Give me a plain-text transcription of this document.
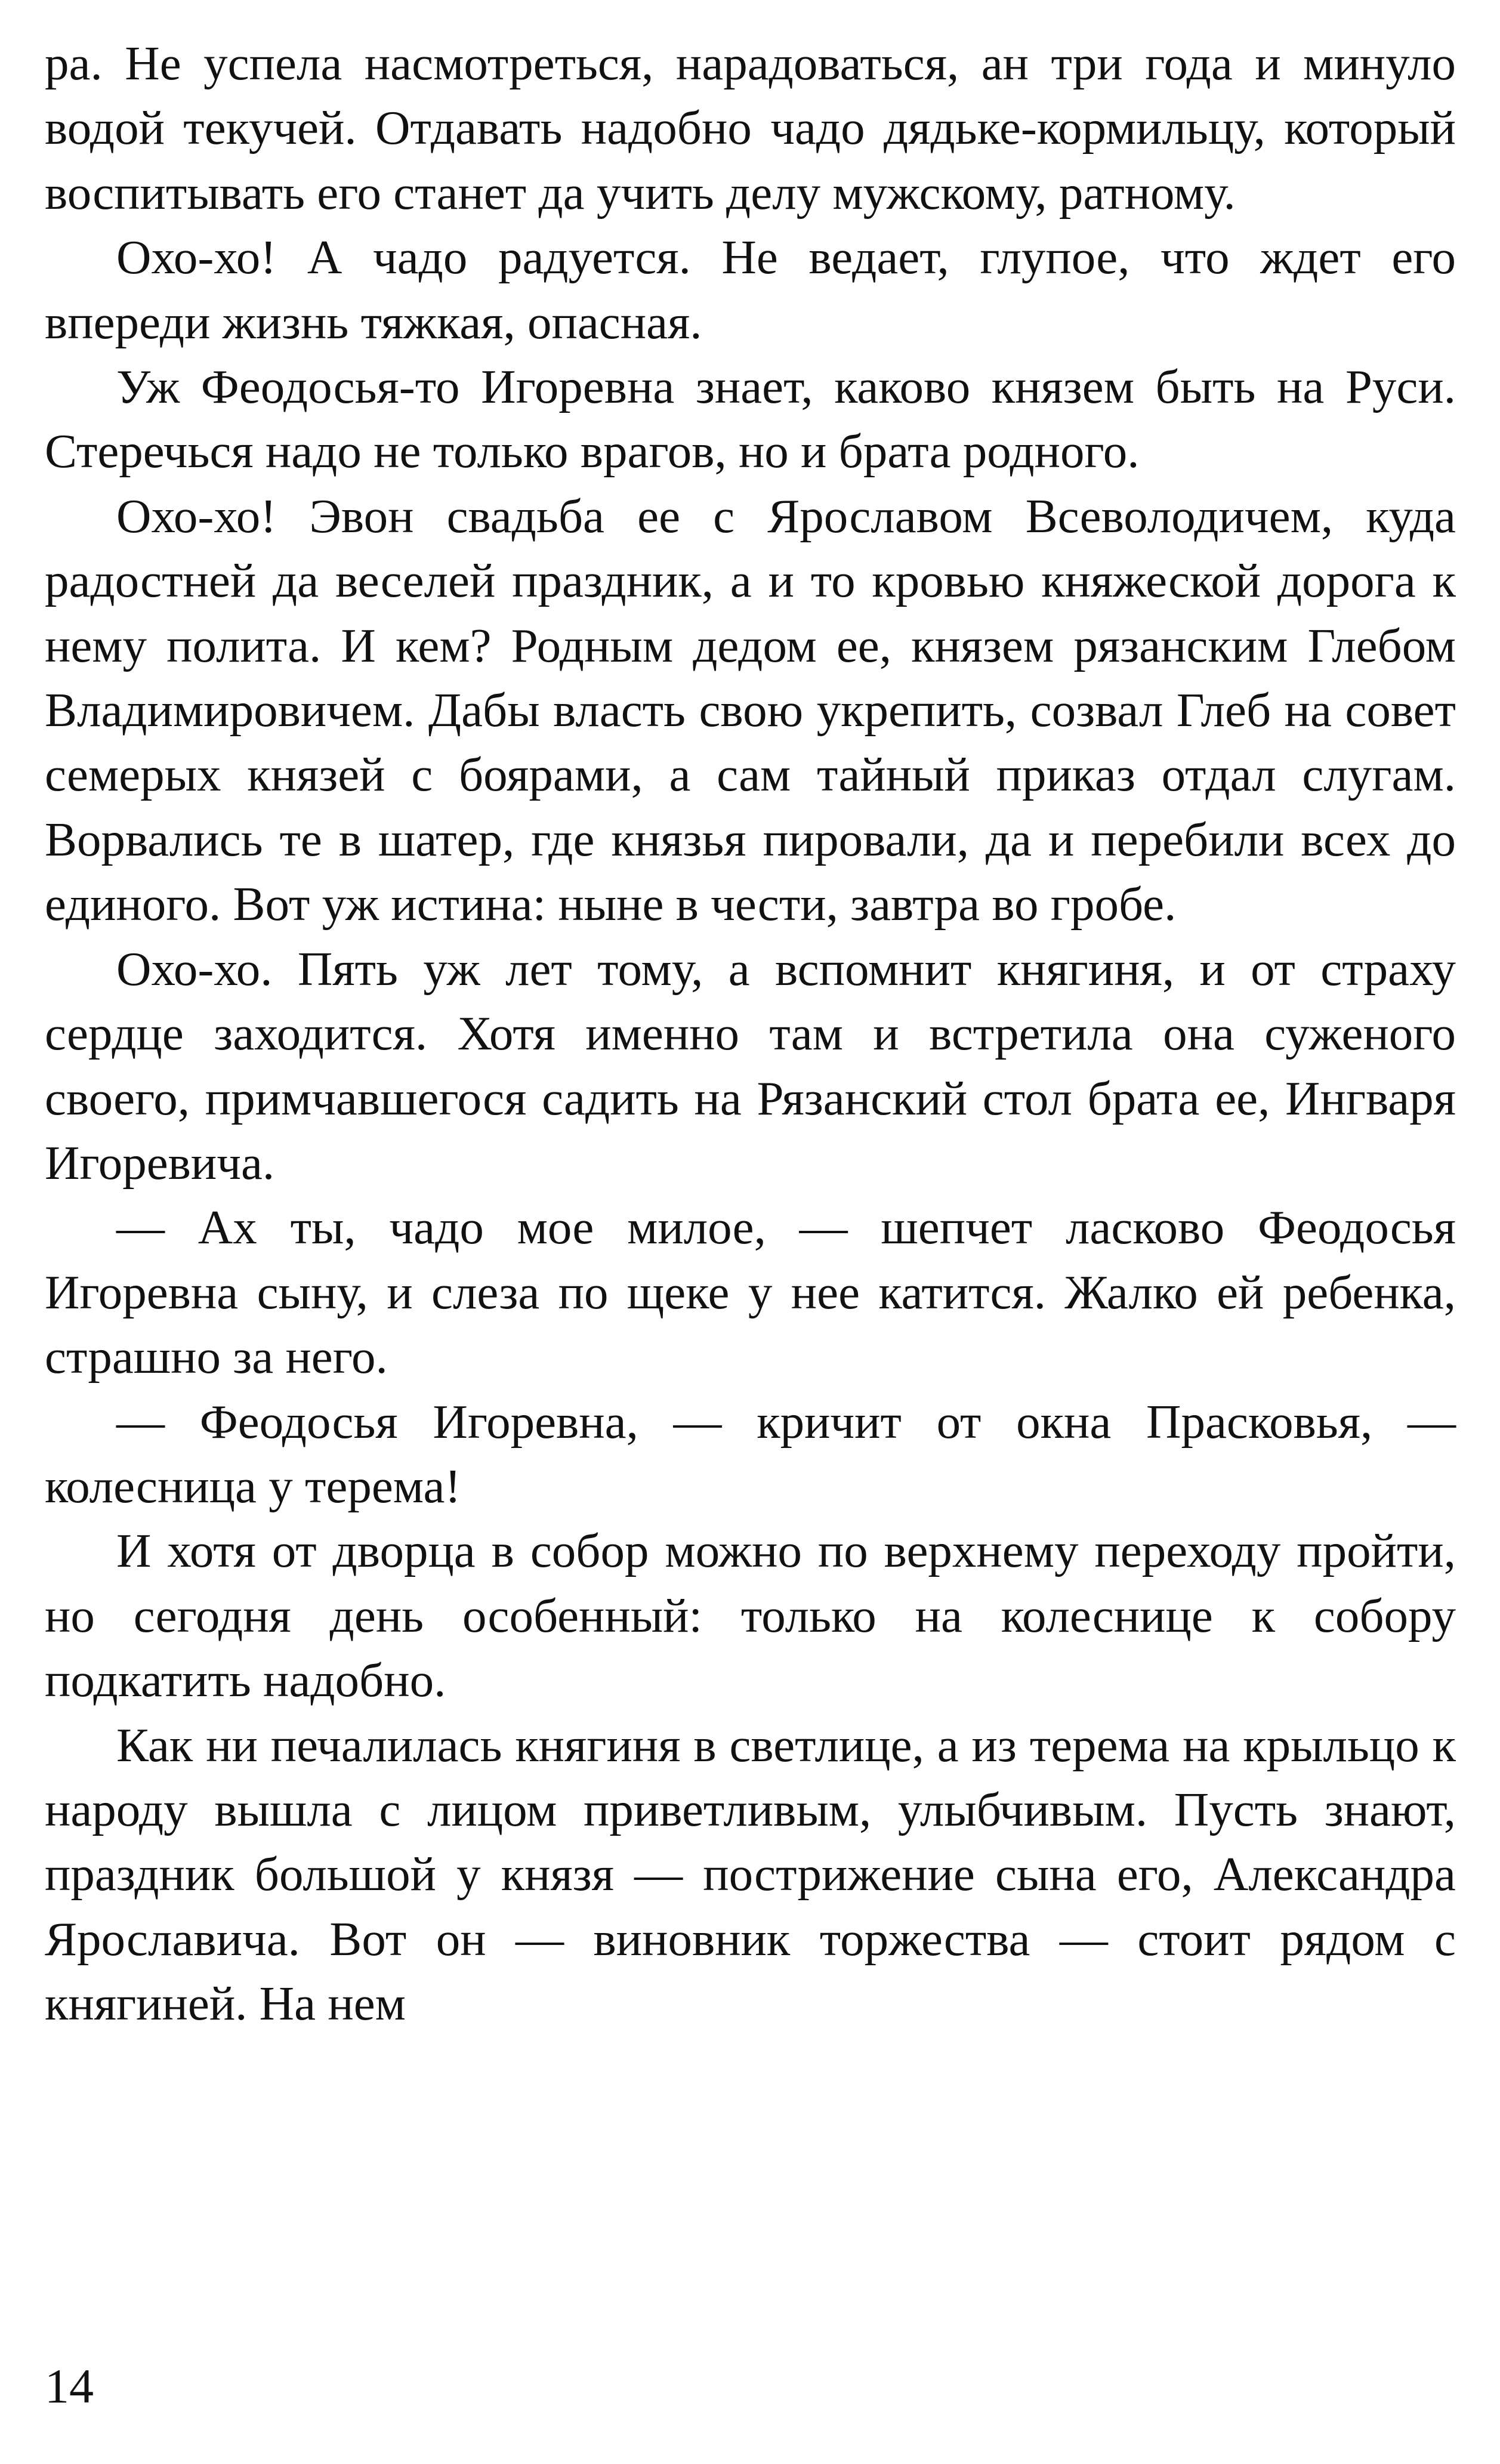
ра. Не успела насмотреться, нарадоваться, ан три года и минуло водой текучей. Отдавать надобно чадо дядьке-кормильцу, который воспитывать его станет да учить делу мужскому, ратному.

Охо-хо! А чадо радуется. Не ведает, глупое, что ждет его впереди жизнь тяжкая, опасная.

Уж Феодосья-то Игоревна знает, каково князем быть на Руси. Стеречься надо не только врагов, но и брата родного.

Охо-хо! Эвон свадьба ее с Ярославом Всеволодичем, куда радостней да веселей праздник, а и то кровью княжеской дорога к нему полита. И кем? Родным дедом ее, князем рязанским Глебом Владимировичем. Дабы власть свою укрепить, созвал Глеб на совет семерых князей с боярами, а сам тайный приказ отдал слугам. Ворвались те в шатер, где князья пировали, да и перебили всех до единого. Вот уж истина: ныне в чести, завтра во гробе.

Охо-хо. Пять уж лет тому, а вспомнит княгиня, и от страху сердце заходится. Хотя именно там и встретила она суженого своего, примчавшегося садить на Рязанский стол брата ее, Ингваря Игоревича.

— Ах ты, чадо мое милое, — шепчет ласково Феодосья Игоревна сыну, и слеза по щеке у нее катится. Жалко ей ребенка, страшно за него.

— Феодосья Игоревна, — кричит от окна Прасковья, — колесница у терема!

И хотя от дворца в собор можно по верхнему переходу пройти, но сегодня день особенный: только на колеснице к собору подкатить надобно.

Как ни печалилась княгиня в светлице, а из терема на крыльцо к народу вышла с лицом приветливым, улыбчивым. Пусть знают, праздник большой у князя — пострижение сына его, Александра Ярославича. Вот он — виновник торжества — стоит рядом с княгиней. На нем

14
